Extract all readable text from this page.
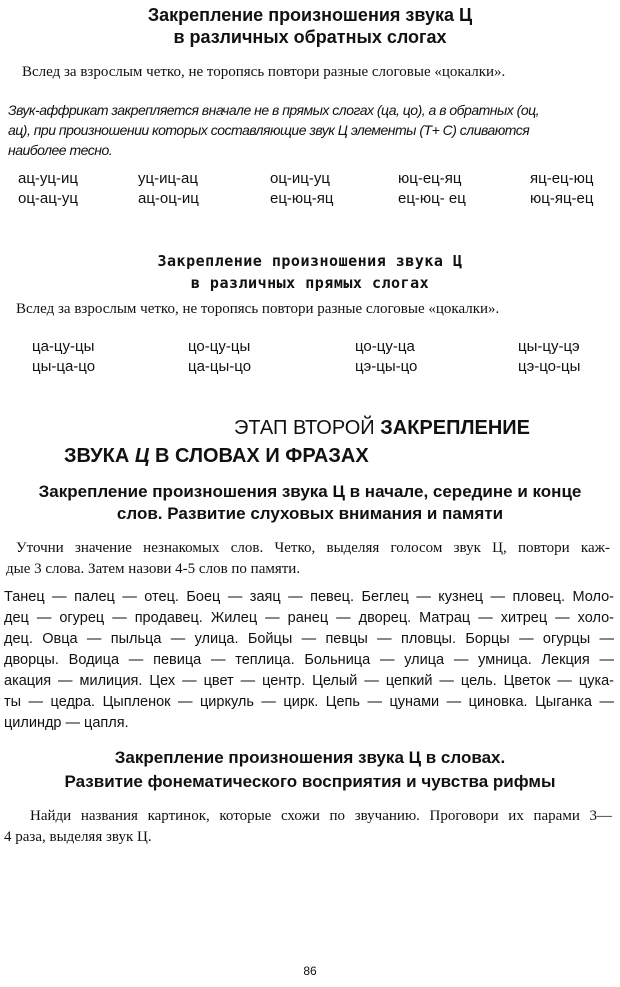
Закрепление произношения звука Ц
в различных обратных слогах
Вслед за взрослым четко, не торопясь повтори разные слоговые «цокалки».
Звук-аффрикат закрепляется вначале не в прямых слогах (ца, цо), а в обратных (оц,
ац), при произношении которых составляющие звук Ц элементы (Т+ С) сливаются
наиболее тесно.
ац-уц-иц	уц-иц-ац	оц-иц-уц	юц-ец-яц	яц-ец-юц
оц-ац-уц	ац-оц-иц	ец-юц-яц	ец-юц- ец	юц-яц-ец
Закрепление произношения звука Ц
в различных прямых слогах
Вслед за взрослым четко, не торопясь повтори разные слоговые «цокалки».
ца-цу-цы	цо-цу-цы	цо-цу-ца	цы-цу-цэ
цы-ца-цо	ца-цы-цо	цэ-цы-цо	цэ-цо-цы
ЭТАП ВТОРОЙ ЗАКРЕПЛЕНИЕ
ЗВУКА Ц В СЛОВАХ И ФРАЗАХ
Закрепление произношения звука Ц в начале, середине и конце
слов. Развитие слуховых внимания и памяти
Уточни значение незнакомых слов. Четко, выделяя голосом звук Ц, повтори каж-
дые 3 слова. Затем назови 4-5 слов по памяти.
Танец — палец — отец. Боец — заяц — певец. Беглец — кузнец — пловец. Моло-
дец — огурец — продавец. Жилец — ранец — дворец. Матрац — хитрец — холо-
дец. Овца — пыльца — улица. Бойцы — певцы — пловцы. Борцы — огурцы —
дворцы. Водица — певица — теплица. Больница — улица — умница. Лекция —
акация — милиция. Цех — цвет — центр. Целый — цепкий — цель. Цветок — цука-
ты — цедра. Цыпленок — циркуль — цирк. Цепь — цунами — циновка. Цыганка —
цилиндр — цапля.
Закрепление произношения звука Ц в словах.
Развитие фонематического восприятия и чувства рифмы
Найди названия картинок, которые схожи по звучанию. Проговори их парами 3—
4 раза, выделяя звук Ц.
86
